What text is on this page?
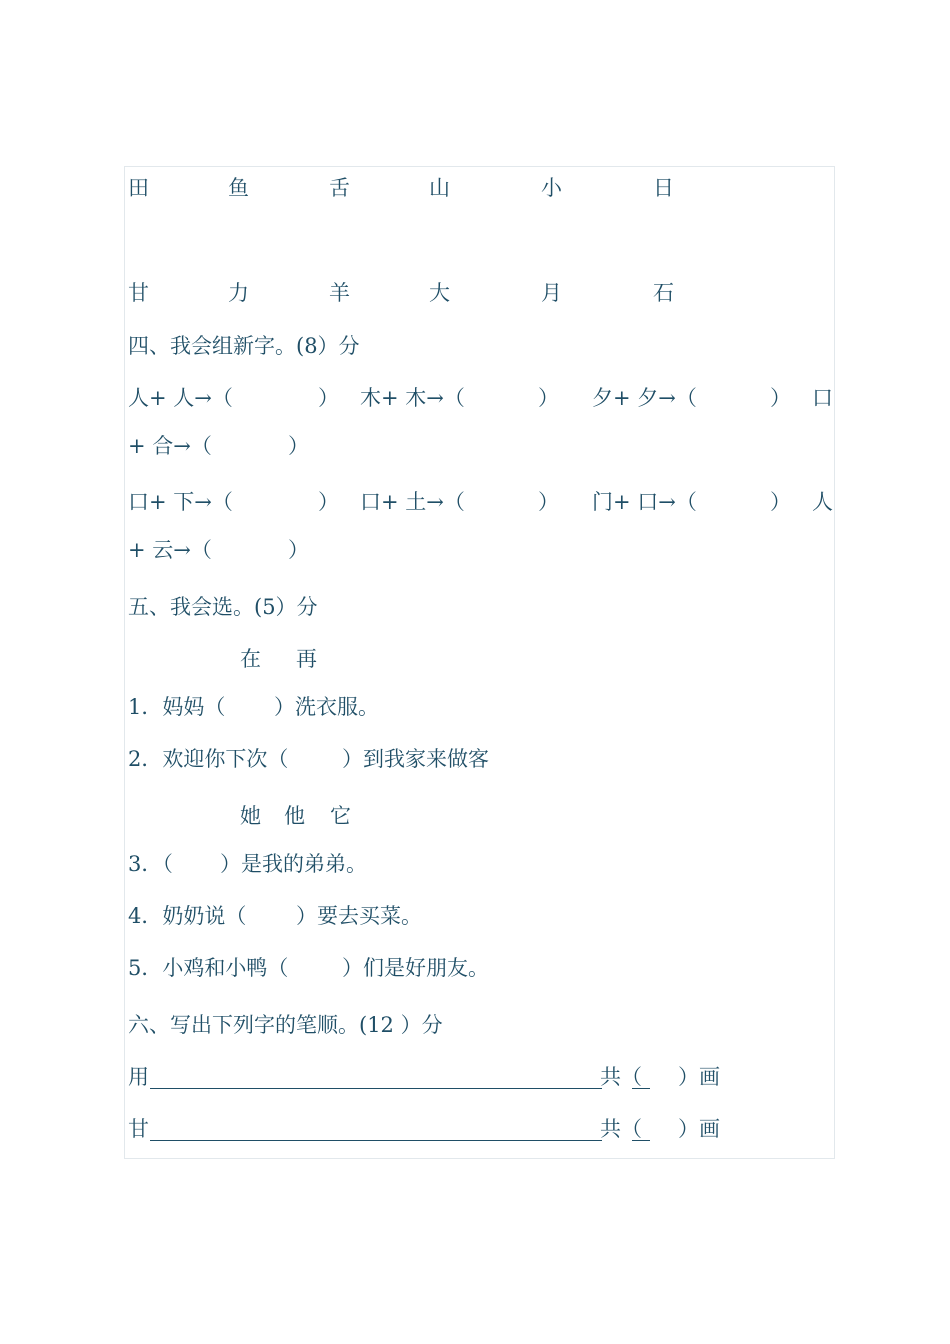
田	鱼	舌	山	小	日
甘	力	羊	大	月	石
四、我会组新字。(8）分
人+ 人→（	） 木+ 木→（	） 夕+ 夕→（	） 口
+ 合→（	）
口+ 下→（	） 口+ 土→（	） 门+ 口→（	） 人
+ 云→（	）
五、我会选。(5）分
在 再
1．妈妈（ ）洗衣服。
2．欢迎你下次（	）到我家来做客
她 他 它
3．（ ）是我的弟弟。
4．奶奶说（ ）要去买菜。
5．小鸡和小鸭（	）们是好朋友。
六、写出下列字的笔顺。(12 ）分
用	共（ ）画
甘	共（ ）画
